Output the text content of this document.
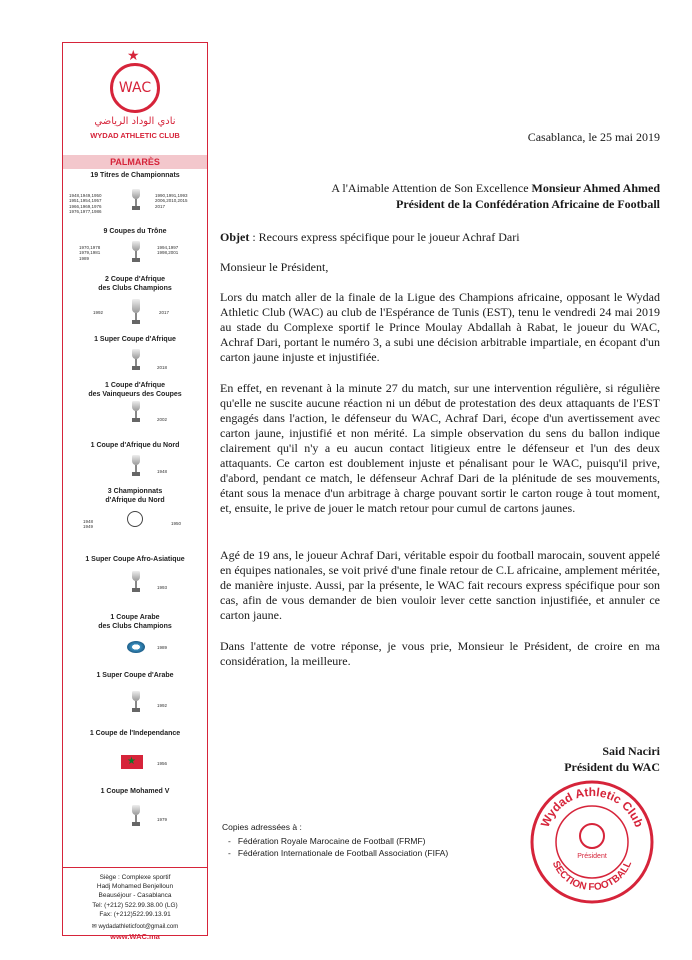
★
WAC
نادي الوداد الرياضي
WYDAD ATHLETIC CLUB
PALMARÈS
19 Titres de Championnats
1948,1949,1950
1951,1954,1957
1966,1969,1976
1976,1977,1986
1990,1991,1993
2006,2010,2015
2017
9 Coupes du Trône
1970,1978
1979,1981
1989
1994,1997
1998,2001
2 Coupe d'Afrique
des Clubs Champions
1992	2017
1 Super Coupe d'Afrique
2018
1 Coupe d'Afrique
des Vainqueurs des Coupes
2002
1 Coupe d'Afrique du Nord
1948
3 Championnats
d'Afrique du Nord
1948
1949
1950
1 Super Coupe Afro-Asiatique
1993
1 Coupe Arabe
des Clubs Champions
1989
1 Super Coupe d'Arabe
1992
1 Coupe de l'Independance
★	1956
1 Coupe Mohamed V
1979
Siège : Complexe sportif
Hadj Mohamed Benjelloun
Beauséjour - Casablanca
Tel: (+212) 522.99.38.00 (LG)
Fax: (+212)522.99.13.91
✉ wydadathleticfoot@gmail.com
www.WAC.ma
Casablanca, le 25 mai 2019
A l'Aimable Attention de Son Excellence Monsieur Ahmed Ahmed
Président de la Confédération Africaine de Football
Objet : Recours express spécifique pour le joueur Achraf Dari
Monsieur le Président,
Lors du match aller de la finale de la Ligue des Champions africaine, opposant le Wydad Athletic Club (WAC) au club de l'Espérance de Tunis (EST), tenu le vendredi 24 mai 2019 au stade du Complexe sportif le Prince Moulay Abdallah à Rabat, le joueur du WAC, Achraf Dari, portant le numéro 3, a subi une décision arbitrable impartiale, en écopant d'un carton jaune injuste et injustifiée.
En effet, en revenant à la minute 27 du match, sur une intervention régulière, si régulière qu'elle ne suscite aucune réaction ni un début de protestation des deux attaquants de l'EST engagés dans l'action, le défenseur du WAC, Achraf Dari, écope d'un avertissement avec carton jaune, injustifié et non mérité. La simple observation du sens du ballon indique clairement qu'il n'y a eu aucun contact litigieux entre le défenseur et l'un des deux attaquants. Ce carton est doublement injuste et pénalisant pour le WAC, puisqu'il prive, d'abord, pendant ce match, le défenseur Achraf Dari de la plénitude de ses mouvements, étant sous la menace d'un arbitrage à charge pouvant sortir le carton rouge à tout moment, et, ensuite, le prive de jouer le match retour pour cumul de cartons jaunes.
Agé de 19 ans, le joueur Achraf Dari, véritable espoir du football marocain, souvent appelé en équipes nationales, se voit privé d'une finale retour de C.L africaine, amplement méritée, de manière injuste. Aussi, par la présente, le WAC fait recours express spécifique pour son cas, afin de vous demander de bien vouloir lever cette sanction injustifiée, et annuler ce carton jaune.
Dans l'attente de votre réponse, je vous prie, Monsieur le Président, de croire en ma considération, la meilleure.
Said Naciri
Président du WAC
Wydad Athletic Club
SECTION FOOTBALL
Président
Copies adressées à :
-   Fédération Royale Marocaine de Football (FRMF)
-   Fédération Internationale de Football Association (FIFA)
